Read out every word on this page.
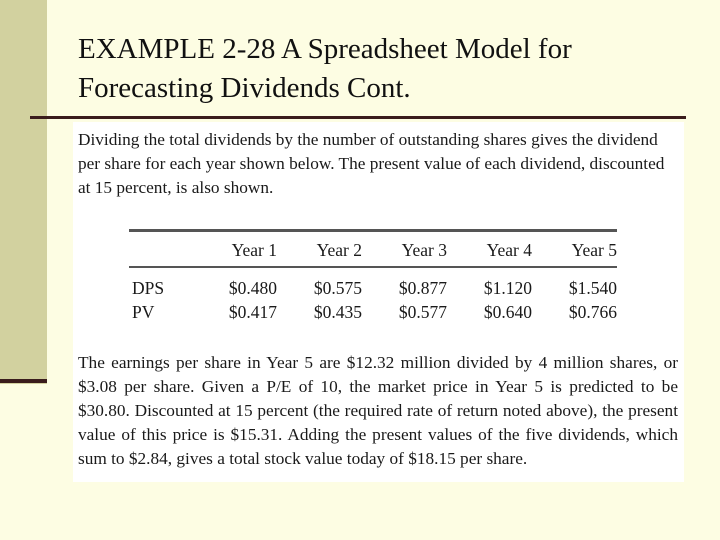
EXAMPLE 2-28 A Spreadsheet Model for Forecasting Dividends Cont.

Dividing the total dividends by the number of outstanding shares gives the dividend per share for each year shown below. The present value of each dividend, discounted at 15 percent, is also shown.

	Year 1	Year 2	Year 3	Year 4	Year 5
DPS	$0.480	$0.575	$0.877	$1.120	$1.540
PV	$0.417	$0.435	$0.577	$0.640	$0.766

The earnings per share in Year 5 are $12.32 million divided by 4 million shares, or $3.08 per share. Given a P/E of 10, the market price in Year 5 is predicted to be $30.80. Discounted at 15 percent (the required rate of return noted above), the present value of this price is $15.31. Adding the present values of the five dividends, which sum to $2.84, gives a total stock value today of $18.15 per share.
